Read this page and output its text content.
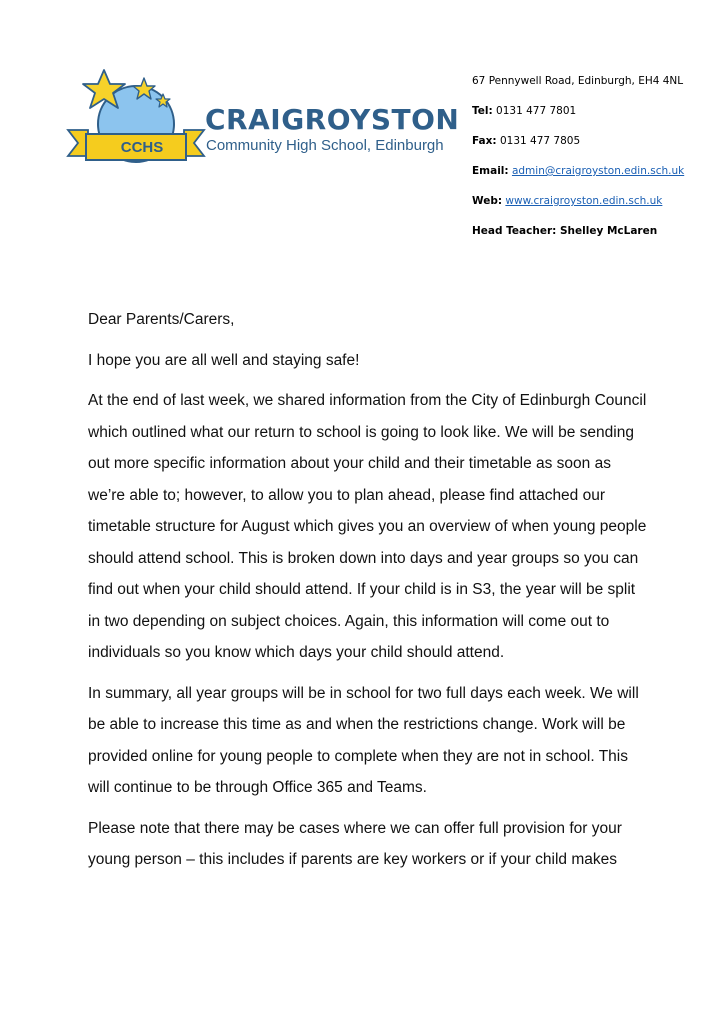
CCHS
CRAIGROYSTON
Community High School, Edinburgh
67 Pennywell Road, Edinburgh, EH4 4NL
Tel: 0131 477 7801
Fax: 0131 477 7805
Email: admin@craigroyston.edin.sch.uk
Web: www.craigroyston.edin.sch.uk
Head Teacher: Shelley McLaren

Dear Parents/Carers,

I hope you are all well and staying safe!

At the end of last week, we shared information from the City of Edinburgh Council which outlined what our return to school is going to look like. We will be sending out more specific information about your child and their timetable as soon as we’re able to; however, to allow you to plan ahead, please find attached our timetable structure for August which gives you an overview of when young people should attend school. This is broken down into days and year groups so you can find out when your child should attend. If your child is in S3, the year will be split in two depending on subject choices. Again, this information will come out to individuals so you know which days your child should attend.

In summary, all year groups will be in school for two full days each week. We will be able to increase this time as and when the restrictions change. Work will be provided online for young people to complete when they are not in school. This will continue to be through Office 365 and Teams.

Please note that there may be cases where we can offer full provision for your young person – this includes if parents are key workers or if your child makes
